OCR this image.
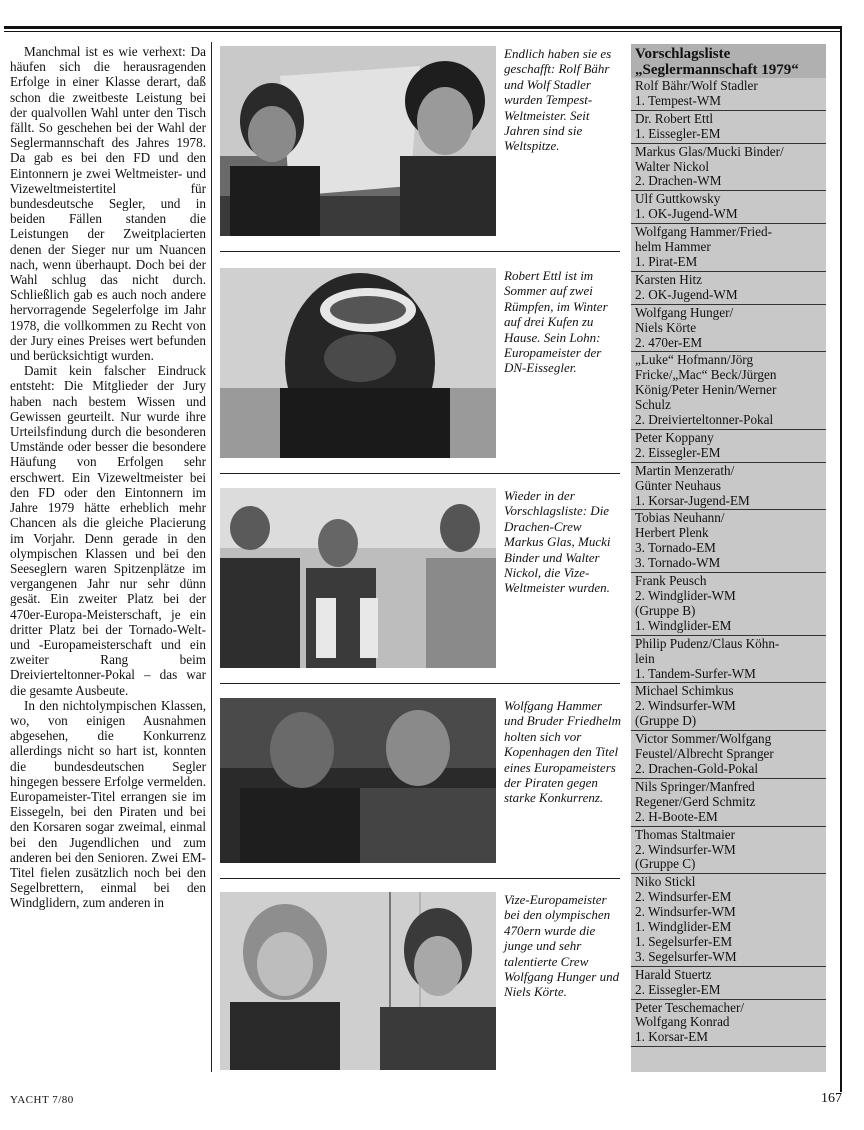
Manchmal ist es wie verhext: Da häufen sich die herausragenden Erfolge in einer Klasse derart, daß schon die zweitbeste Leistung bei der qualvollen Wahl unter den Tisch fällt. So geschehen bei der Wahl der Seglermannschaft des Jahres 1978. Da gab es bei den FD und den Eintonnern je zwei Weltmeister- und Vizeweltmeistertitel für bundesdeutsche Segler, und in beiden Fällen standen die Leistungen der Zweitplacierten denen der Sieger nur um Nuancen nach, wenn überhaupt. Doch bei der Wahl schlug das nicht durch. Schließlich gab es auch noch andere hervorragende Segelerfolge im Jahr 1978, die vollkommen zu Recht von der Jury eines Preises wert befunden und berücksichtigt wurden.

Damit kein falscher Eindruck entsteht: Die Mitglieder der Jury haben nach bestem Wissen und Gewissen geurteilt. Nur wurde ihre Urteilsfindung durch die besonderen Umstände oder besser die besondere Häufung von Erfolgen sehr erschwert. Ein Vizeweltmeister bei den FD oder den Eintonnern im Jahre 1979 hätte erheblich mehr Chancen als die gleiche Placierung im Vorjahr. Denn gerade in den olympischen Klassen und bei den Seeseglern waren Spitzenplätze im vergangenen Jahr nur sehr dünn gesät. Ein zweiter Platz bei der 470er-Europa-Meisterschaft, je ein dritter Platz bei der Tornado-Welt- und -Europameisterschaft und ein zweiter Rang beim Dreivierteltonner-Pokal – das war die gesamte Ausbeute.

In den nichtolympischen Klassen, wo, von einigen Ausnahmen abgesehen, die Konkurrenz allerdings nicht so hart ist, konnten die bundesdeutschen Segler hingegen bessere Erfolge vermelden. Europameister-Titel errangen sie im Eissegeln, bei den Piraten und bei den Korsaren sogar zweimal, einmal bei den Jugendlichen und zum anderen bei den Senioren. Zwei EM-Titel fielen zusätzlich noch bei den Segelbrettern, einmal bei den Windglidern, zum anderen in

Endlich haben sie es geschafft: Rolf Bähr und Wolf Stadler wurden Tempest-Weltmeister. Seit Jahren sind sie Weltspitze.
Robert Ettl ist im Sommer auf zwei Rümpfen, im Winter auf drei Kufen zu Hause. Sein Lohn: Europameister der DN-Eissegler.
Wieder in der Vorschlagsliste: Die Drachen-Crew Markus Glas, Mucki Binder und Walter Nickol, die Vize-Weltmeister wurden.
Wolfgang Hammer und Bruder Friedhelm holten sich vor Kopenhagen den Titel eines Europameisters der Piraten gegen starke Konkurrenz.
Vize-Europameister bei den olympischen 470ern wurde die junge und sehr talentierte Crew Wolfgang Hunger und Niels Körte.
Vorschlagsliste „Seglermannschaft 1979“
Rolf Bähr/Wolf Stadler
1. Tempest-WM
Dr. Robert Ettl
1. Eissegler-EM
Markus Glas/Mucki Binder/
Walter Nickol
2. Drachen-WM
Ulf Guttkowsky
1. OK-Jugend-WM
Wolfgang Hammer/Fried-
helm Hammer
1. Pirat-EM
Karsten Hitz
2. OK-Jugend-WM
Wolfgang Hunger/
Niels Körte
2. 470er-EM
„Luke“ Hofmann/Jörg
Fricke/„Mac“ Beck/Jürgen
König/Peter Henin/Werner
Schulz
2. Dreivierteltonner-Pokal
Peter Koppany
2. Eissegler-EM
Martin Menzerath/
Günter Neuhaus
1. Korsar-Jugend-EM
Tobias Neuhann/
Herbert Plenk
3. Tornado-EM
3. Tornado-WM
Frank Peusch
2. Windglider-WM
(Gruppe B)
1. Windglider-EM
Philip Pudenz/Claus Köhn-
lein
1. Tandem-Surfer-WM
Michael Schimkus
2. Windsurfer-WM
(Gruppe D)
Victor Sommer/Wolfgang
Feustel/Albrecht Spranger
2. Drachen-Gold-Pokal
Nils Springer/Manfred
Regener/Gerd Schmitz
2. H-Boote-EM
Thomas Staltmaier
2. Windsurfer-WM
(Gruppe C)
Niko Stickl
2. Windsurfer-EM
2. Windsurfer-WM
1. Windglider-EM
1. Segelsurfer-EM
3. Segelsurfer-WM
Harald Stuertz
2. Eissegler-EM
Peter Teschemacher/
Wolfgang Konrad
1. Korsar-EM
YACHT 7/80	167
